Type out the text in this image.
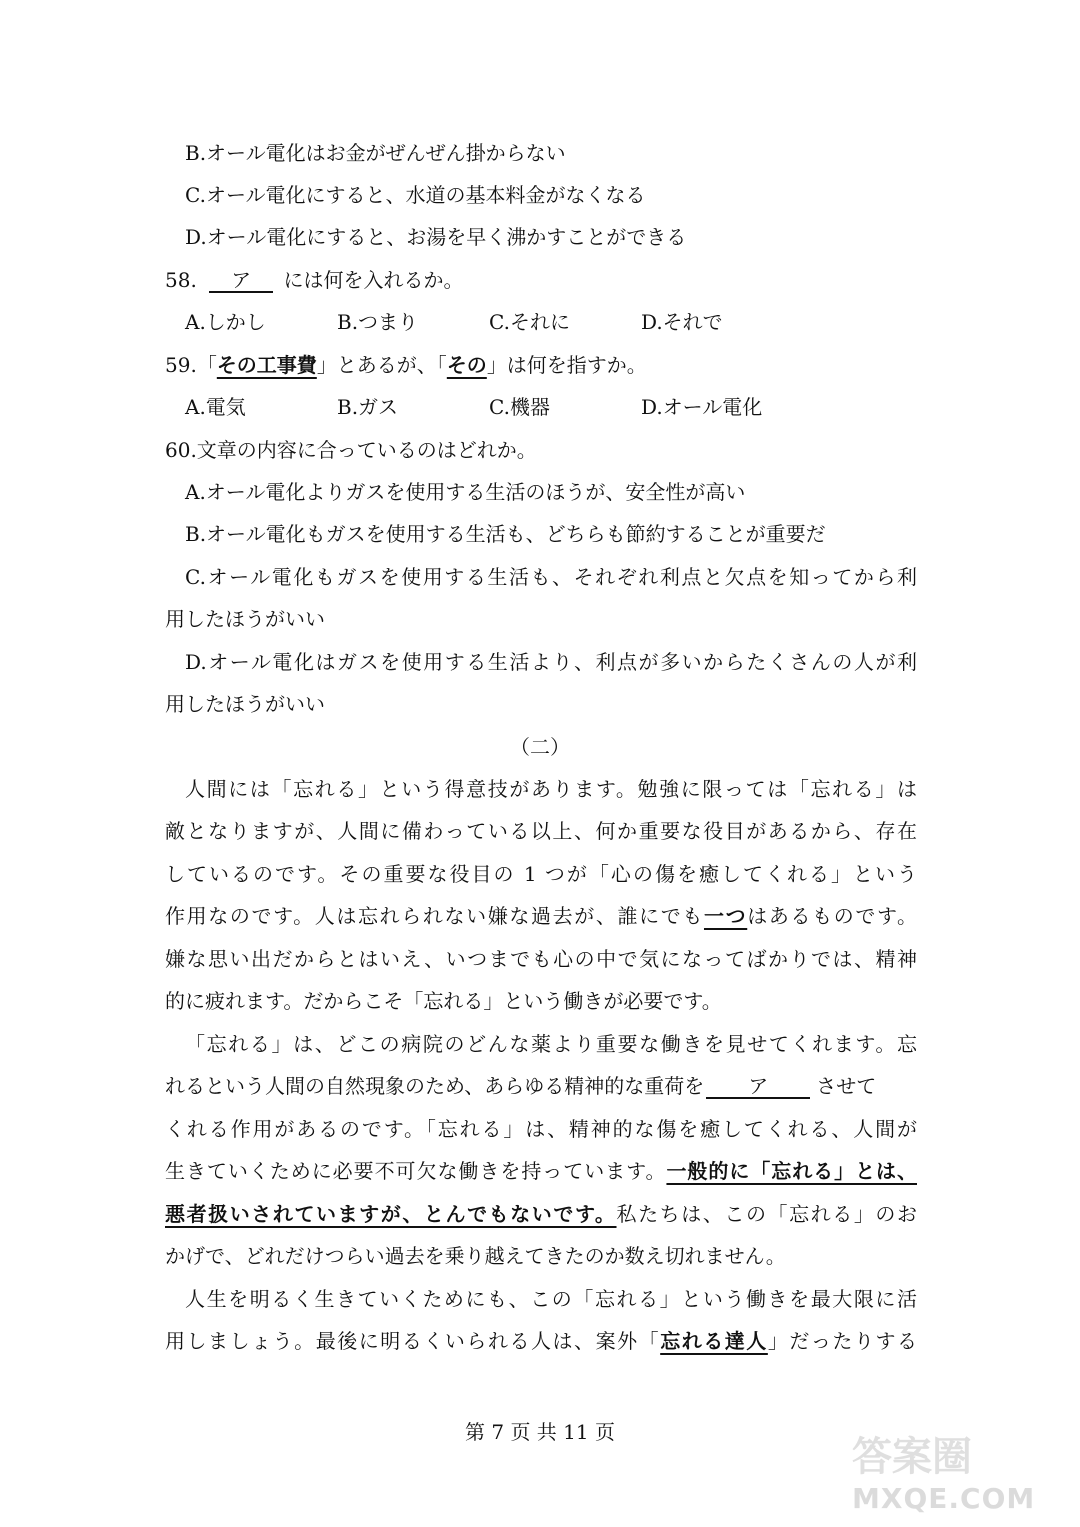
B.オール電化はお金がぜんぜん掛からない
C.オール電化にすると、水道の基本料金がなくなる
D.オール電化にすると、お湯を早く沸かすことができる
58. ア には何を入れるか。
A.しかし	B.つまり	C.それに	D.それで
59.「その工事費」とあるが、「その」は何を指すか。
A.電気	B.ガス	C.機器	D.オール電化
60.文章の内容に合っているのはどれか。
A.オール電化よりガスを使用する生活のほうが、安全性が高い
B.オール電化もガスを使用する生活も、どちらも節約することが重要だ
C.オール電化もガスを使用する生活も、それぞれ利点と欠点を知ってから利
用したほうがいい
D.オール電化はガスを使用する生活より、利点が多いからたくさんの人が利
用したほうがいい
（二）
人間には「忘れる」という得意技があります。勉強に限っては「忘れる」は
敵となりますが、人間に備わっている以上、何か重要な役目があるから、存在
しているのです。その重要な役目の 1 つが「心の傷を癒してくれる」という
作用なのです。人は忘れられない嫌な過去が、誰にでも一つはあるものです。
嫌な思い出だからとはいえ、いつまでも心の中で気になってばかりでは、精神
的に疲れます。だからこそ「忘れる」という働きが必要です。
「忘れる」は、どこの病院のどんな薬より重要な働きを見せてくれます。忘
れるという人間の自然現象のため、あらゆる精神的な重荷を ア させて
くれる作用があるのです。「忘れる」は、精神的な傷を癒してくれる、人間が
生きていくために必要不可欠な働きを持っています。一般的に「忘れる」とは、
悪者扱いされていますが、とんでもないです。私たちは、この「忘れる」のお
かげで、どれだけつらい過去を乗り越えてきたのか数え切れません。
人生を明るく生きていくためにも、この「忘れる」という働きを最大限に活
用しましょう。最後に明るくいられる人は、案外「忘れる達人」だったりする
第 7 页 共 11 页
答案圈
MXQE.COM
